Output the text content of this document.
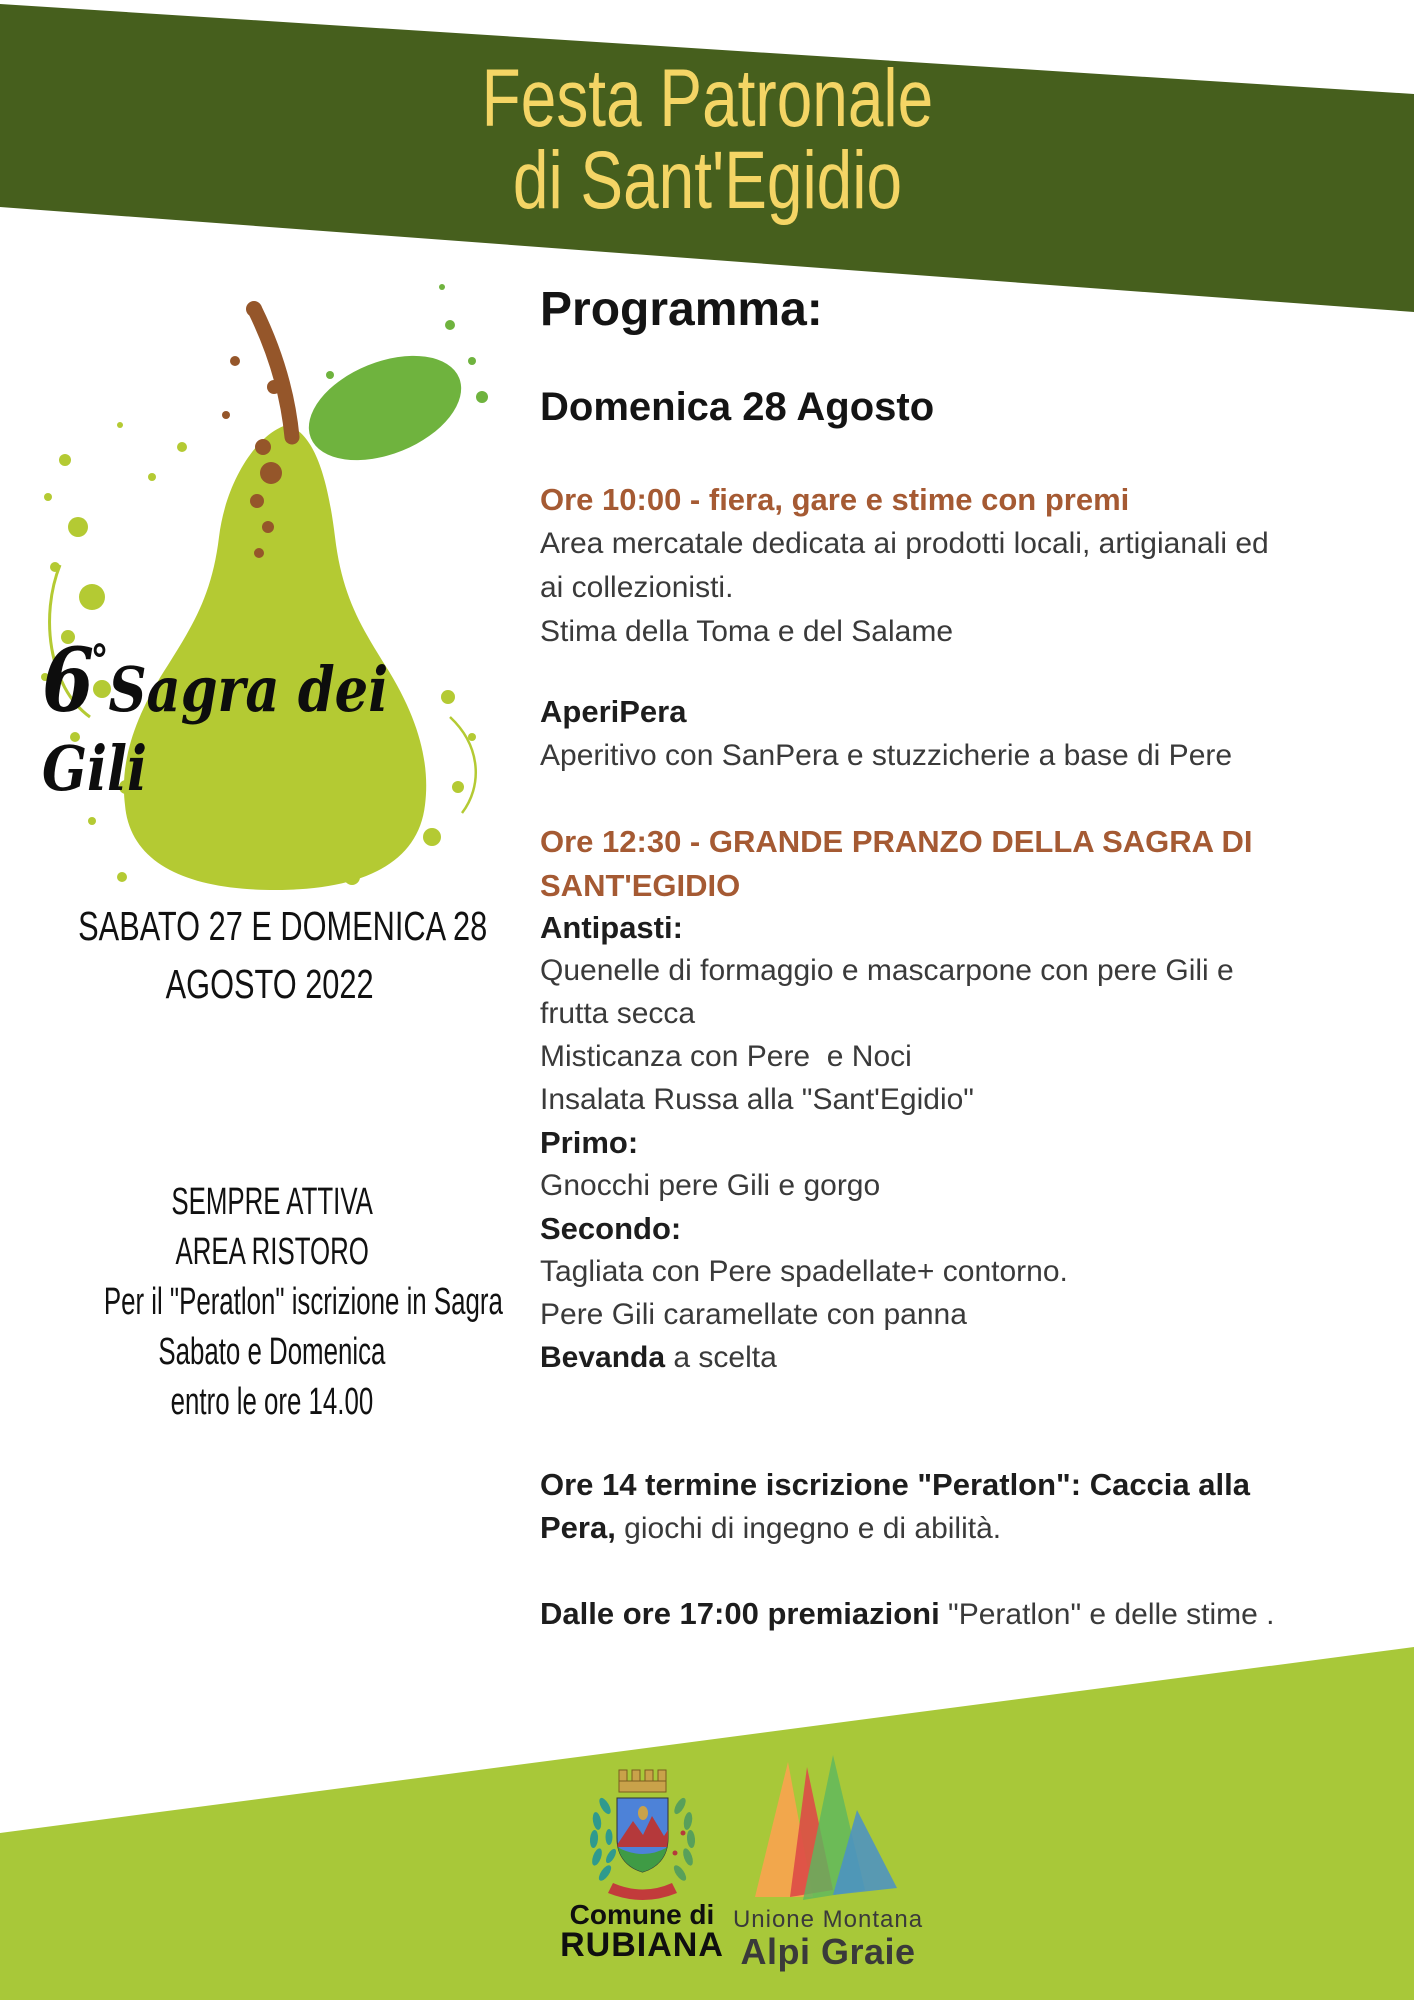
Festa Patronale
di Sant'Egidio
6°Sagra dei Gili
SABATO 27 E DOMENICA 28
AGOSTO 2022
SEMPRE ATTIVA
AREA RISTORO
Per il "Peratlon" iscrizione in Sagra
Sabato e Domenica
entro le ore 14.00
Programma:
Domenica 28 Agosto
Ore 10:00 - fiera, gare e stime con premi
Area mercatale dedicata ai prodotti locali, artigianali ed
ai collezionisti.
Stima della Toma e del Salame
AperiPera
Aperitivo con SanPera e stuzzicherie a base di Pere
Ore 12:30 - GRANDE PRANZO DELLA SAGRA DI
SANT'EGIDIO
Antipasti:
Quenelle di formaggio e mascarpone con pere Gili e
frutta secca
Misticanza con Pere  e Noci
Insalata Russa alla "Sant'Egidio"
Primo:
Gnocchi pere Gili e gorgo
Secondo:
Tagliata con Pere spadellate+ contorno.
Pere Gili caramellate con panna
Bevanda a scelta
Ore 14 termine iscrizione "Peratlon": Caccia alla
Pera, giochi di ingegno e di abilità.
Dalle ore 17:00 premiazioni "Peratlon" e delle stime .
Comune di
RUBIANA
Unione Montana
Alpi Graie
